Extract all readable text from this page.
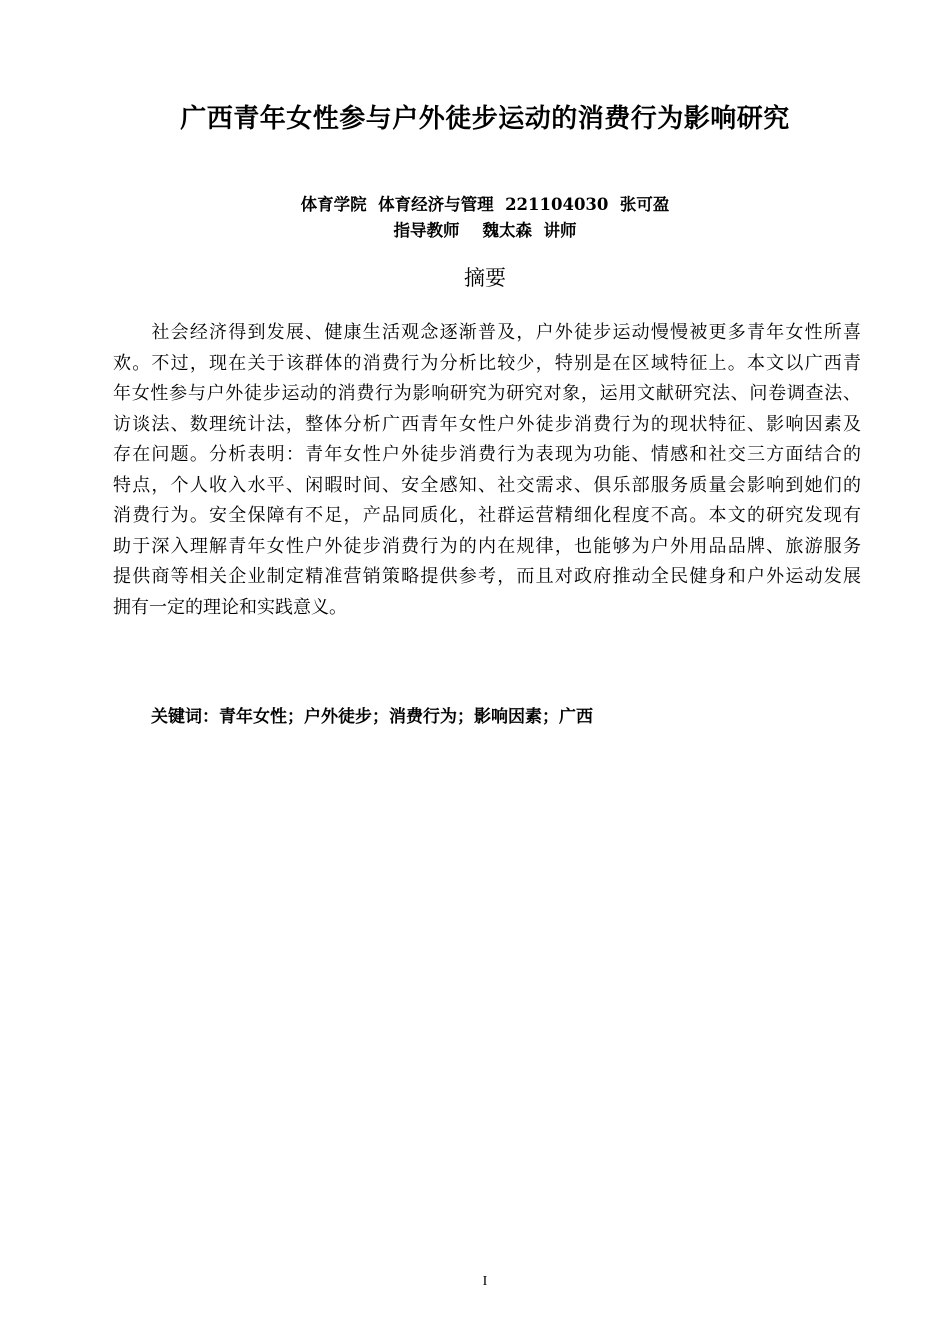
广西青年女性参与户外徒步运动的消费行为影响研究
体育学院  体育经济与管理  221104030  张可盈
指导教师    魏太森  讲师
摘要
　　社会经济得到发展、健康生活观念逐渐普及，户外徒步运动慢慢被更多青年女性所喜
欢。不过，现在关于该群体的消费行为分析比较少，特别是在区域特征上。本文以广西青
年女性参与户外徒步运动的消费行为影响研究为研究对象，运用文献研究法、问卷调查法、
访谈法、数理统计法，整体分析广西青年女性户外徒步消费行为的现状特征、影响因素及
存在问题。分析表明：青年女性户外徒步消费行为表现为功能、情感和社交三方面结合的
特点，个人收入水平、闲暇时间、安全感知、社交需求、俱乐部服务质量会影响到她们的
消费行为。安全保障有不足，产品同质化，社群运营精细化程度不高。本文的研究发现有
助于深入理解青年女性户外徒步消费行为的内在规律，也能够为户外用品品牌、旅游服务
提供商等相关企业制定精准营销策略提供参考，而且对政府推动全民健身和户外运动发展
拥有一定的理论和实践意义。
关键词：青年女性；户外徒步；消费行为；影响因素；广西
I
